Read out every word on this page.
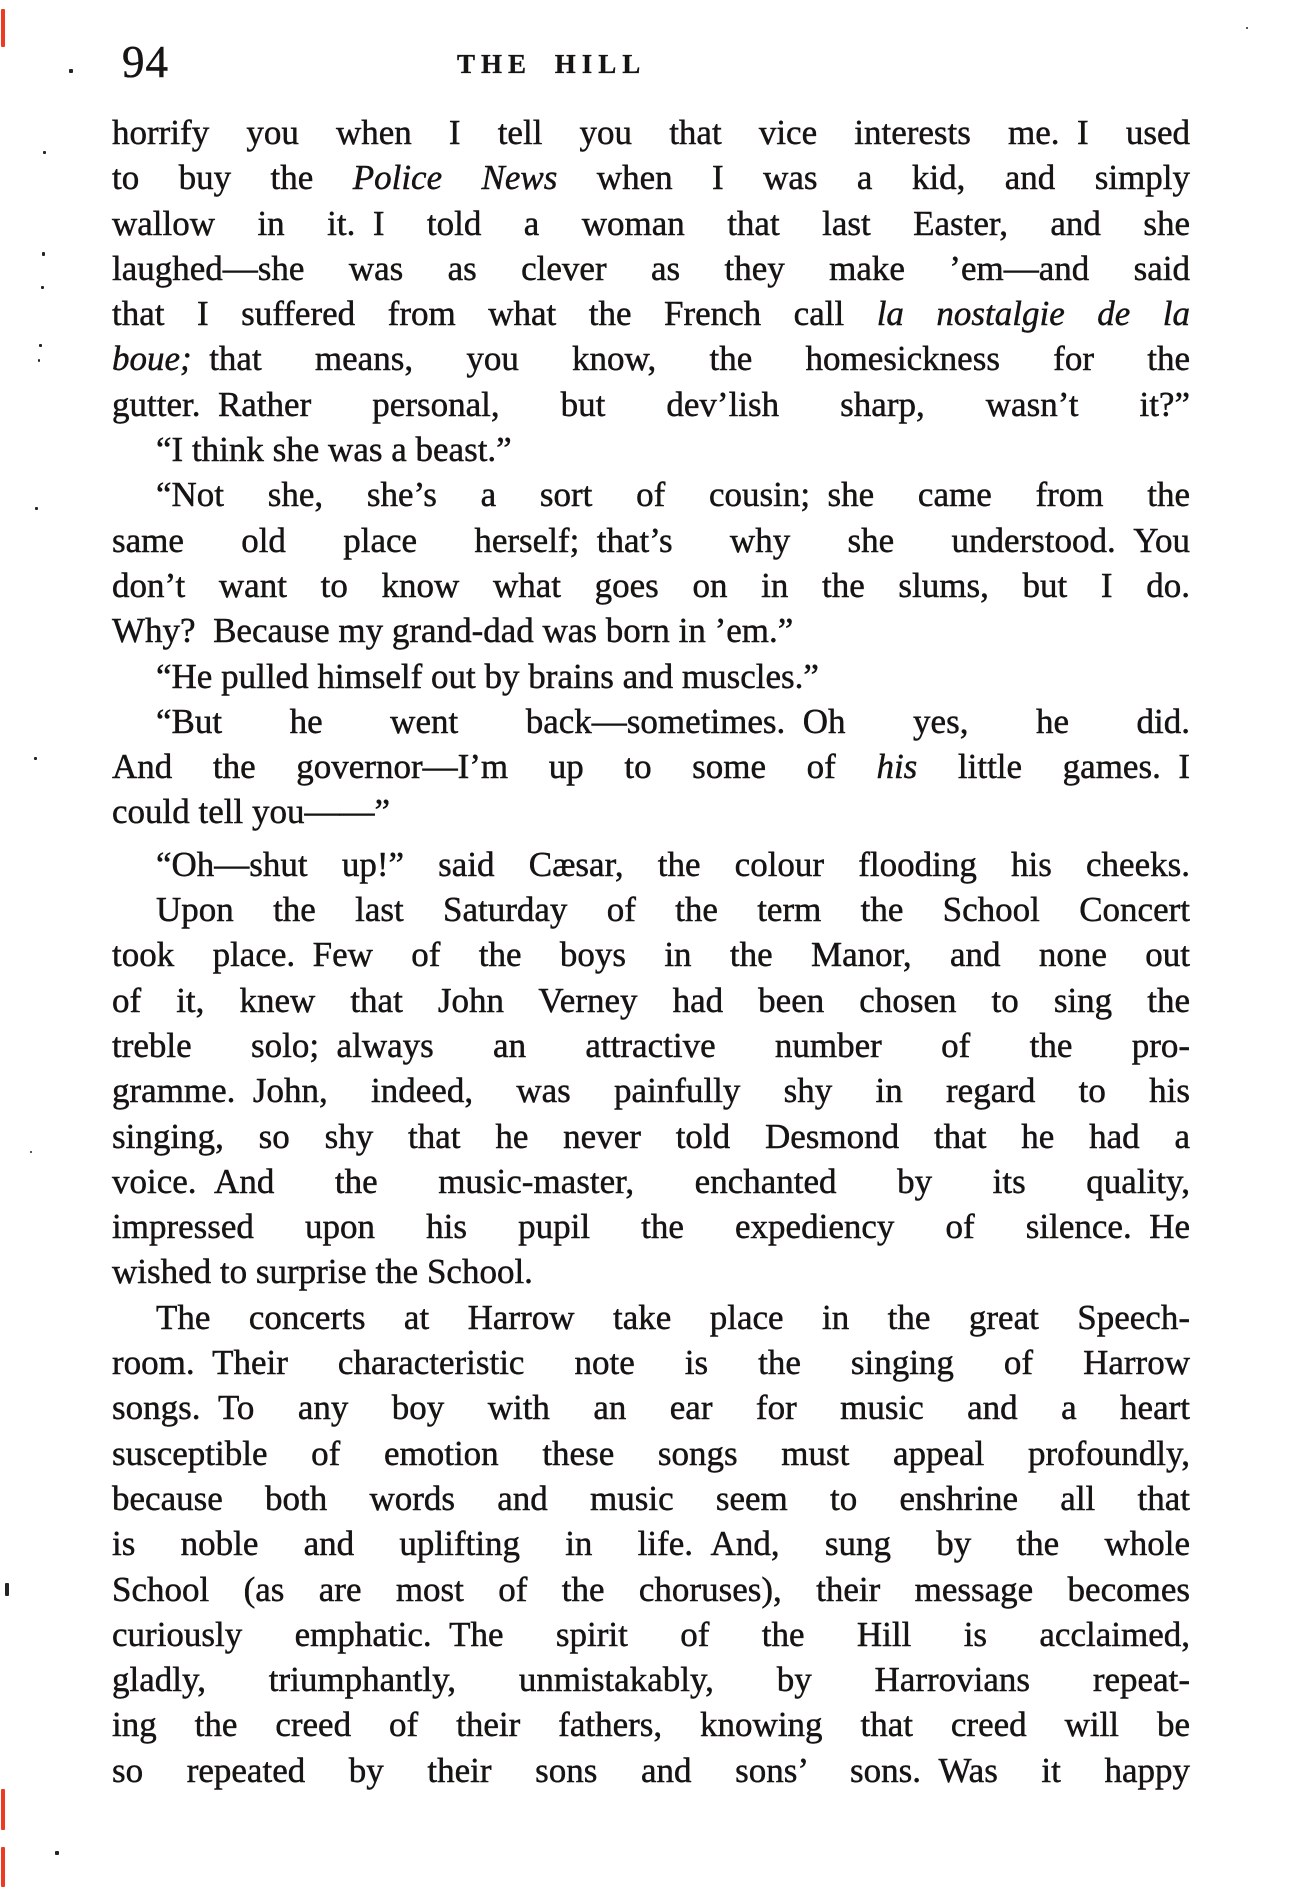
94	THE HILL
horrify you when I tell you that vice interests me. I used
to buy the Police News when I was a kid, and simply
wallow in it. I told a woman that last Easter, and she
laughed—she was as clever as they make ’em—and said
that I suffered from what the French call la nostalgie de la
boue; that means, you know, the homesickness for the
gutter. Rather personal, but dev’lish sharp, wasn’t it?”
“I think she was a beast.”
“Not she, she’s a sort of cousin; she came from the
same old place herself; that’s why she understood. You
don’t want to know what goes on in the slums, but I do.
Why? Because my grand-dad was born in ’em.”
“He pulled himself out by brains and muscles.”
“But he went back—sometimes. Oh yes, he did.
And the governor—I’m up to some of his little games. I
could tell you——”
“Oh—shut up!” said Cæsar, the colour flooding his cheeks.
Upon the last Saturday of the term the School Concert
took place. Few of the boys in the Manor, and none out
of it, knew that John Verney had been chosen to sing the
treble solo; always an attractive number of the pro-
gramme. John, indeed, was painfully shy in regard to his
singing, so shy that he never told Desmond that he had a
voice. And the music-master, enchanted by its quality,
impressed upon his pupil the expediency of silence. He
wished to surprise the School.
The concerts at Harrow take place in the great Speech-
room. Their characteristic note is the singing of Harrow
songs. To any boy with an ear for music and a heart
susceptible of emotion these songs must appeal profoundly,
because both words and music seem to enshrine all that
is noble and uplifting in life. And, sung by the whole
School (as are most of the choruses), their message becomes
curiously emphatic. The spirit of the Hill is acclaimed,
gladly, triumphantly, unmistakably, by Harrovians repeat-
ing the creed of their fathers, knowing that creed will be
so repeated by their sons and sons’ sons. Was it happy
